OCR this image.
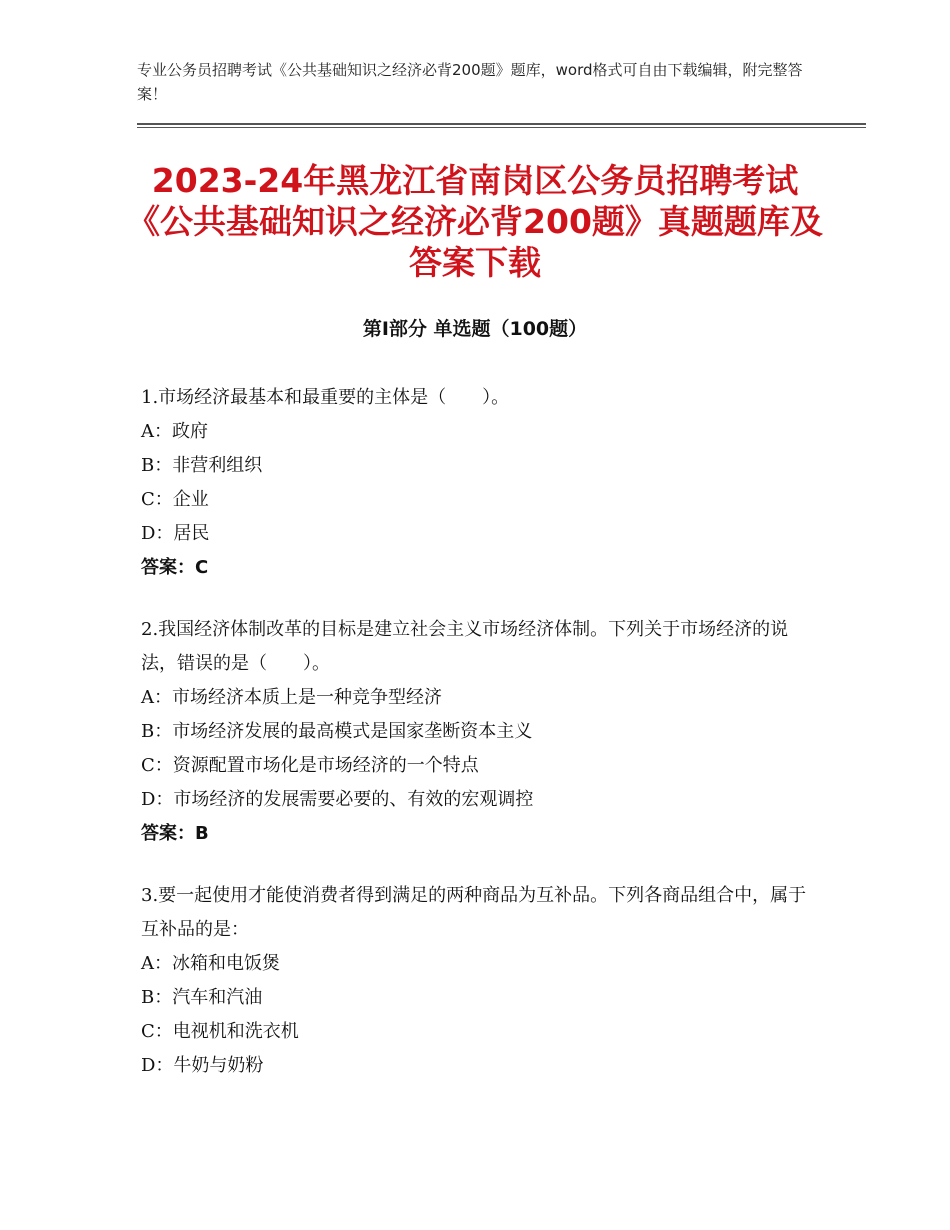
专业公务员招聘考试《公共基础知识之经济必背200题》题库，word格式可自由下载编辑，附完整答案！
2023-24年黑龙江省南岗区公务员招聘考试《公共基础知识之经济必背200题》真题题库及答案下载
第Ⅰ部分 单选题（100题）

1.市场经济最基本和最重要的主体是（　　）。

A：政府

B：非营利组织

C：企业

D：居民

答案：C

2.我国经济体制改革的目标是建立社会主义市场经济体制。下列关于市场经济的说法，错误的是（　　）。

A：市场经济本质上是一种竞争型经济

B：市场经济发展的最高模式是国家垄断资本主义

C：资源配置市场化是市场经济的一个特点

D：市场经济的发展需要必要的、有效的宏观调控

答案：B

3.要一起使用才能使消费者得到满足的两种商品为互补品。下列各商品组合中，属于互补品的是：

A：冰箱和电饭煲

B：汽车和汽油

C：电视机和洗衣机

D：牛奶与奶粉
